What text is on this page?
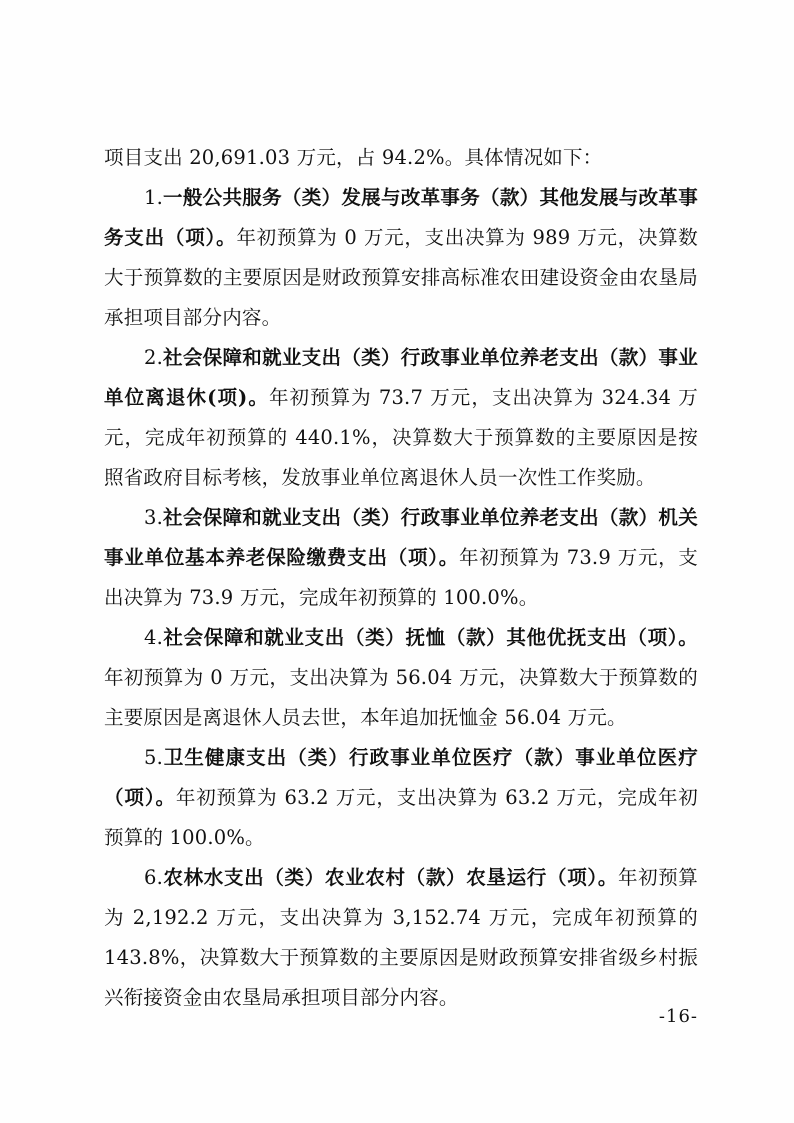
项目支出 20,691.03 万元，占 94.2%。具体情况如下：

1.一般公共服务（类）发展与改革事务（款）其他发展与改革事务支出（项）。年初预算为 0 万元，支出决算为 989 万元，决算数大于预算数的主要原因是财政预算安排高标准农田建设资金由农垦局承担项目部分内容。

2.社会保障和就业支出（类）行政事业单位养老支出（款）事业单位离退休(项)。年初预算为 73.7 万元，支出决算为 324.34 万元，完成年初预算的 440.1%，决算数大于预算数的主要原因是按照省政府目标考核，发放事业单位离退休人员一次性工作奖励。

3.社会保障和就业支出（类）行政事业单位养老支出（款）机关事业单位基本养老保险缴费支出（项）。年初预算为 73.9 万元，支出决算为 73.9 万元，完成年初预算的 100.0%。

4.社会保障和就业支出（类）抚恤（款）其他优抚支出（项）。年初预算为 0 万元，支出决算为 56.04 万元，决算数大于预算数的主要原因是离退休人员去世，本年追加抚恤金 56.04 万元。

5.卫生健康支出（类）行政事业单位医疗（款）事业单位医疗（项）。年初预算为 63.2 万元，支出决算为 63.2 万元，完成年初预算的 100.0%。

6.农林水支出（类）农业农村（款）农垦运行（项）。年初预算为 2,192.2 万元，支出决算为 3,152.74 万元，完成年初预算的 143.8%，决算数大于预算数的主要原因是财政预算安排省级乡村振兴衔接资金由农垦局承担项目部分内容。

-16-
